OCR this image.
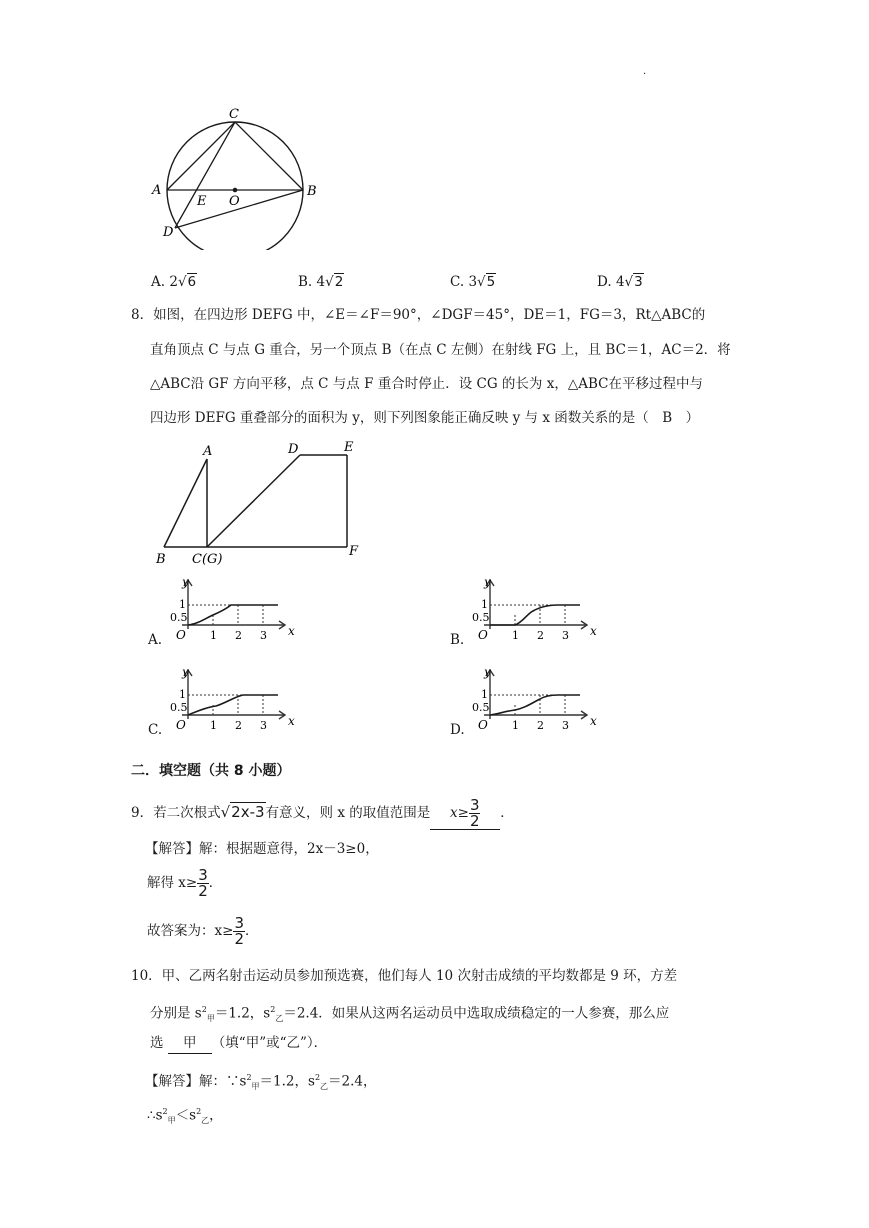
.
C
A
E O
B
D
A. 2√6	B. 4√2	C. 3√5	D. 4√3
8．如图，在四边形 DEFG 中，∠E＝∠F＝90°，∠DGF＝45°，DE＝1，FG＝3，Rt△ABC的
直角顶点 C 与点 G 重合，另一个顶点 B（在点 C 左侧）在射线 FG 上，且 BC＝1，AC＝2．将
△ABC沿 GF 方向平移，点 C 与点 F 重合时停止．设 CG 的长为 x，△ABC在平移过程中与
四边形 DEFG 重叠部分的面积为 y，则下列图象能正确反映 y 与 x 函数关系的是（　B　）
A	D	E
B C(G)
F
A.
y
x
O
1
0.5
1 2 3	B.
y
x
O
1
0.5
1 2 3
C.
y
x
O
1
0.5
1 2 3	D.
y
x
O
1
0.5
1 2 3
二．填空题（共 8 小题）
9．若二次根式√2x-3有意义，则 x 的取值范围是 $x\ge \frac{3}{2}$ ．
【解答】解：根据题意得，2x－3≥0，
解得 $x\ge \frac{3}{2}$ ．
故答案为：$x\ge \frac{3}{2}$ ．
10．甲、乙两名射击运动员参加预选赛，他们每人 10 次射击成绩的平均数都是 9 环，方差
分别是 $s^2_甲=1.2$，$s^2_乙=2.4$．如果从这两名运动员中选取成绩稳定的一人参赛，那么应
选 甲 （填“甲”或“乙”）．
【解答】解：$\because s^2_甲=1.2$，$s^2_乙=2.4$，
$\therefore s^2_甲<s^2_乙$，
